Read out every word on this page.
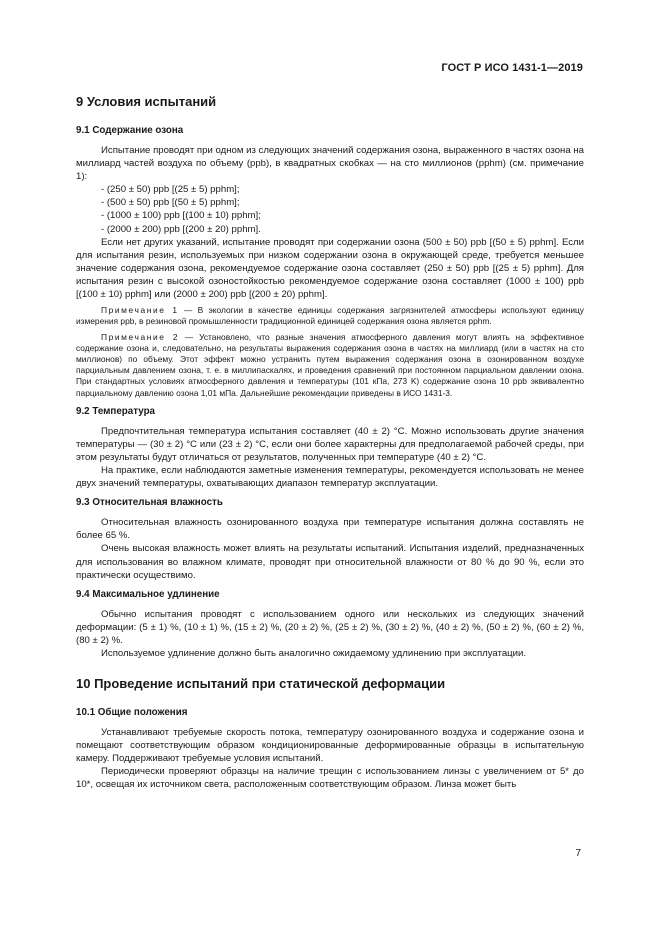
ГОСТ Р ИСО 1431-1—2019
9 Условия испытаний
9.1 Содержание озона

Испытание проводят при одном из следующих значений содержания озона, выраженного в частях озона на миллиард частей воздуха по объему (ppb), в квадратных скобках — на сто миллионов (pphm) (см. примечание 1):

- (250 ± 50) ppb [(25 ± 5) pphm];

- (500 ± 50) ppb [(50 ± 5) pphm];

- (1000 ± 100) ppb [(100 ± 10) pphm];

- (2000 ± 200) ppb [(200 ± 20) pphm].

Если нет других указаний, испытание проводят при содержании озона (500 ± 50) ppb [(50 ± 5) pphm]. Если для испытания резин, используемых при низком содержании озона в окружающей среде, требуется меньшее значение содержания озона, рекомендуемое содержание озона составляет (250 ± 50) ppb [(25 ± 5) pphm]. Для испытания резин с высокой озоностойкостью рекомендуемое содержание озона составляет (1000 ± 100) ppb [(100 ± 10) pphm] или (2000 ± 200) ppb [(200 ± 20) pphm].

Примечание 1 — В экологии в качестве единицы содержания загрязнителей атмосферы используют единицу измерения ppb, в резиновой промышленности традиционной единицей содержания озона является pphm.

Примечание 2 — Установлено, что разные значения атмосферного давления могут влиять на эффективное содержание озона и, следовательно, на результаты выражения содержания озона в частях на миллиард (или в частях на сто миллионов) по объему. Этот эффект можно устранить путем выражения содержания озона в озонированном воздухе парциальным давлением озона, т. е. в миллипаскалях, и проведения сравнений при постоянном парциальном давлении озона. При стандартных условиях атмосферного давления и температуры (101 кПа, 273 K) содержание озона 10 ppb эквивалентно парциальному давлению озона 1,01 мПа. Дальнейшие рекомендации приведены в ИСО 1431-3.

9.2 Температура

Предпочтительная температура испытания составляет (40 ± 2) °С. Можно использовать другие значения температуры — (30 ± 2) °С или (23 ± 2) °С, если они более характерны для предполагаемой рабочей среды, при этом результаты будут отличаться от результатов, полученных при температуре (40 ± 2) °С.

На практике, если наблюдаются заметные изменения температуры, рекомендуется использовать не менее двух значений температуры, охватывающих диапазон температур эксплуатации.

9.3 Относительная влажность

Относительная влажность озонированного воздуха при температуре испытания должна составлять не более 65 %.

Очень высокая влажность может влиять на результаты испытаний. Испытания изделий, предназначенных для использования во влажном климате, проводят при относительной влажности от 80 % до 90 %, если это практически осуществимо.

9.4 Максимальное удлинение

Обычно испытания проводят с использованием одного или нескольких из следующих значений деформации: (5 ± 1) %, (10 ± 1) %, (15 ± 2) %, (20 ± 2) %, (25 ± 2) %, (30 ± 2) %, (40 ± 2) %, (50 ± 2) %, (60 ± 2) %, (80 ± 2) %.

Используемое удлинение должно быть аналогично ожидаемому удлинению при эксплуатации.

10 Проведение испытаний при статической деформации
10.1 Общие положения

Устанавливают требуемые скорость потока, температуру озонированного воздуха и содержание озона и помещают соответствующим образом кондиционированные деформированные образцы в испытательную камеру. Поддерживают требуемые условия испытаний.

Периодически проверяют образцы на наличие трещин с использованием линзы с увеличением от 5* до 10*, освещая их источником света, расположенным соответствующим образом. Линза может быть

7
